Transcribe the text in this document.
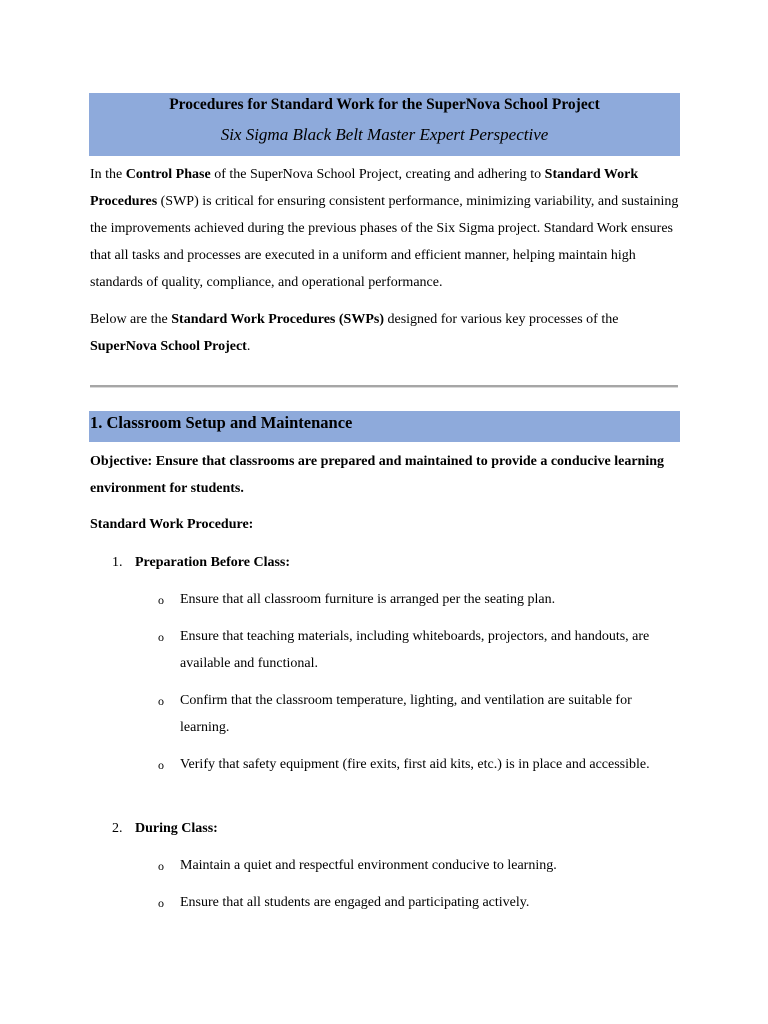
Procedures for Standard Work for the SuperNova School Project
Six Sigma Black Belt Master Expert Perspective

In the Control Phase of the SuperNova School Project, creating and adhering to Standard Work Procedures (SWP) is critical for ensuring consistent performance, minimizing variability, and sustaining the improvements achieved during the previous phases of the Six Sigma project. Standard Work ensures that all tasks and processes are executed in a uniform and efficient manner, helping maintain high standards of quality, compliance, and operational performance.

Below are the Standard Work Procedures (SWPs) designed for various key processes of the SuperNova School Project.

1. Classroom Setup and Maintenance

Objective: Ensure that classrooms are prepared and maintained to provide a conducive learning environment for students.

Standard Work Procedure:
1. Preparation Before Class:
o Ensure that all classroom furniture is arranged per the seating plan.
o Ensure that teaching materials, including whiteboards, projectors, and handouts, are available and functional.
o Confirm that the classroom temperature, lighting, and ventilation are suitable for learning.
o Verify that safety equipment (fire exits, first aid kits, etc.) is in place and accessible.
2. During Class:
o Maintain a quiet and respectful environment conducive to learning.
o Ensure that all students are engaged and participating actively.
